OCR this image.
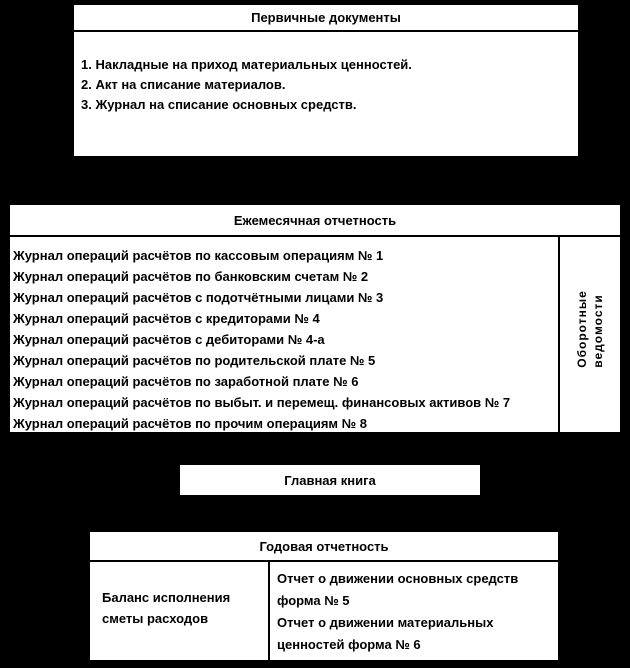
Первичные документы
1. Накладные на приход материальных ценностей.
2. Акт на списание материалов.
3. Журнал на списание основных средств.
Ежемесячная отчетность
Журнал операций расчётов по кассовым операциям № 1
Журнал операций расчётов по банковским счетам № 2
Журнал операций расчётов с подотчётными лицами № 3
Журнал операций расчётов с кредиторами № 4
Журнал операций расчётов с дебиторами № 4-а
Журнал операций расчётов по родительской плате № 5
Журнал операций расчётов по заработной плате № 6
Журнал операций расчётов по выбыт. и перемещ. финансовых активов № 7
Журнал операций расчётов по прочим операциям № 8
Оборотные ведомости
Главная книга
Годовая отчетность
Баланс исполнения
сметы расходов
Отчет о движении основных средств
форма № 5
Отчет о движении материальных
ценностей форма № 6
